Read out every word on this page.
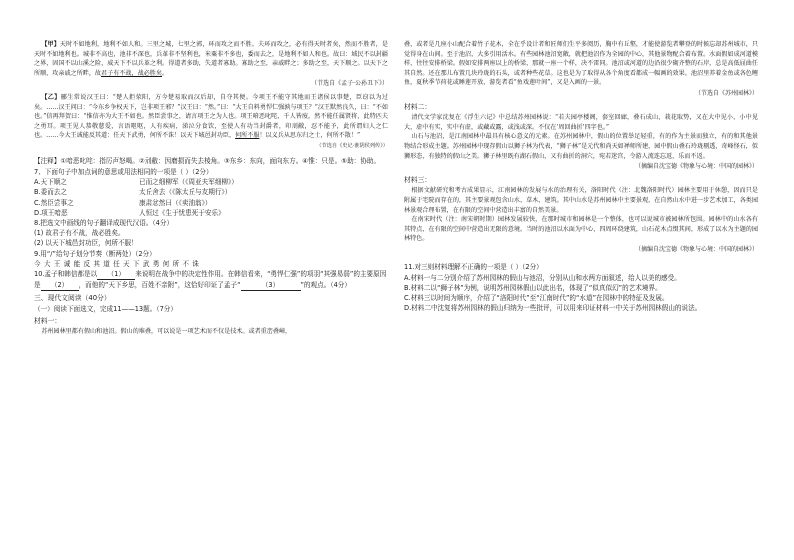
【甲】天时不如地利，地利不如人和。三里之城，七里之郭，环而攻之而不胜。夫环而攻之，必有得天时者矣，然而不胜者，是天时不如地利也。城非不高也，池非不深也，兵革非不坚利也，米粟非不多也，委而去之，是地利不如人和也。故曰：域民不以封疆之界，固国不以山溪之险，威天下不以兵革之利。得道者多助，失道者寡助。寡助之至，亲戚畔之；多助之至，天下顺之。以天下之所顺，攻亲戚之所畔，故君子有不战，战必胜矣。

（节选自《孟子·公孙丑下》）

【乙】郦生常说汉王曰：“楚人拒荥阳，方今楚易取而汉后却，自夺其便。今项王不能守其地而王诸侯以事楚，臣窃以为过矣。……汉王问曰：“今东乡争权天下，岂非项王邪？”汉王曰：“然。”曰：“大王自料勇悍仁强孰与项王？”汉王默然良久，曰：“不如也。”信再拜贺曰：“惟信亦为大王不如也。然臣尝事之，请言项王之为人也。项王喑恶叱咤，千人皆废，然不能任属贤将，此特匹夫之勇耳。项王见人恭敬慈爱，言语呕呕，人有疾病，涕泣分食饮，至使人有功当封爵者，印刓敝，忍不能予，此所谓妇人之仁也。……今大王诚能反其道：任天下武勇，何所不诛！以天下城邑封功臣，何所不服！以义兵从思东归之士，何所不散！”

（节选自《史记·淮阴侯列传》）
【注释】①喑恶叱咤：指厉声怒喝。②刓敝：因磨损而失去棱角。③东乡：东向，面向东方。④惟：只是。⑤助：协助。
7、下面句子中加点词的意思或用法相同的一项是（ ）（2分）
A.天下顺之	已而之细柳军（《周亚夫军细柳》）
B.委而去之	太丘舍去（《陈太丘与友期行》）
C.然臣尝事之	康肃忿然曰（《卖油翁》）
D.项王喑恶	人恒过《生于忧患死于安乐》
8.把选文中画线的句子翻译成现代汉语。（4分）
(1) 故君子有不战，战必胜矣。
(2) 以天下城邑封功臣，何所不服！
9.用“/”给句子划分节奏（断两处）（2分）
今大王诚能反其道任天下武勇何所不诛
10.孟子和韩信都是以 （1） 来说明在战争中的决定性作用。在韩信看来，“勇悍仁强”的项羽“其强易弱”的主要原因是 （2） ，而他的“天下乡思，百姓不亲附”，这恰好印证了孟子“	（3）	”的观点。（4分）
三、现代文阅读（40分）
（一）阅读下面选文，完成11——13题。（7分）
材料一：

苏州园林里都有假山和池沼。假山的堆叠，可以说是一项艺术而不仅是技术。或者重峦叠嶂，

叠，或者是几座小山配合着竹子花木，全在乎设计者和匠师们生平多阅历，胸中有丘壑，才能使游览者攀登的时候忘却苏州城市，只觉得身在山间。至于池沼，大多引用活水。有些园林池沼宽敞，就把池沼作为全园的中心，其他景物配合着布置。水面假如成河道模样，往往安排桥梁。假如安排两座以上的桥梁，那就一座一个样，决不雷同。池沼或河道的边沿很少砌齐整的石岸，总是高低屈曲任其自然。还在那儿布置几块玲珑的石头，或者种些花草。这也是为了取得从各个角度看都成一幅画的效果。池沼里养着金鱼或各色鲤鱼，夏秋季节荷花或睡莲开放，游览者看“鱼戏莲叶间”，又是入画的一景。

（节选自《苏州园林》）
材料二：

清代文学家沈复在《浮生六记》中总结苏州园林说：“若夫园亭楼阁，套室回廊，叠石成山，栽花取势，又在大中见小，小中见大，虚中有实，实中有虚，或藏或露，或浅或深。不仅在‘周回曲折’四字也。”

山石与池沼，是江南园林中最具有核心意义的元素。在苏州园林中，假山的位置举足轻重，有的作为主景而独立，有的和其他景物结合形成主题。苏州园林中现存假山以狮子林为代表，“狮子林”是元代和尚天如禅师所建，园中假山叠石玲珑剔透，奇峰怪石，似狮形态，有独特的假山之美。狮子林里既有湖石假山，又有曲折的洞穴，宛若迷宫，令游人流连忘返，乐而不返。

（摘编自沈宝德《物象与心境：中国的园林》）
材料三：

根据文献研究和考古成果显示，江南园林的发展与水的治理有关，洛阳时代（注：北魏洛阳时代）园林主要用于休憩，因而只是附属于宅院而存在的，其主要景观包含山水、草木、建筑。其中山水是苏州园林中主要景观，在自然山水中进一步艺术加工，各类园林景观合理布置，在有限的空间中营造出丰富的自然美景。

在南宋时代（注：南宋朝时期）园林发展较快，在那时城市和园林是一个整体，也可以说城市被园林所包围。园林中的山水各有其特点，在有限的空间中营造出无限的意境。当时的池沼以水面为中心，四周环绕建筑，山石花木点缀其间，形成了以水为主题的园林特色。

（摘编自沈宝德《物象与心境：中国的园林》）
11.对三则材料理解不正确的一项是（ ）（2分）
A.材料一与二分别介绍了苏州园林的假山与池沼，分别从山和水两方面叙述，给人以美的感受。
B.材料二以“狮子林”为例，说明苏州园林假山以此出名，体现了“似真似幻”的艺术境界。
C.材料三以时间为顺序，介绍了“洛阳时代”至“江南时代”的“水道”在园林中的特征及发展。
D.材料二中沈复将苏州园林的假山归纳为一些批评，可以用来印证材料一中关于苏州园林假山的说法。
